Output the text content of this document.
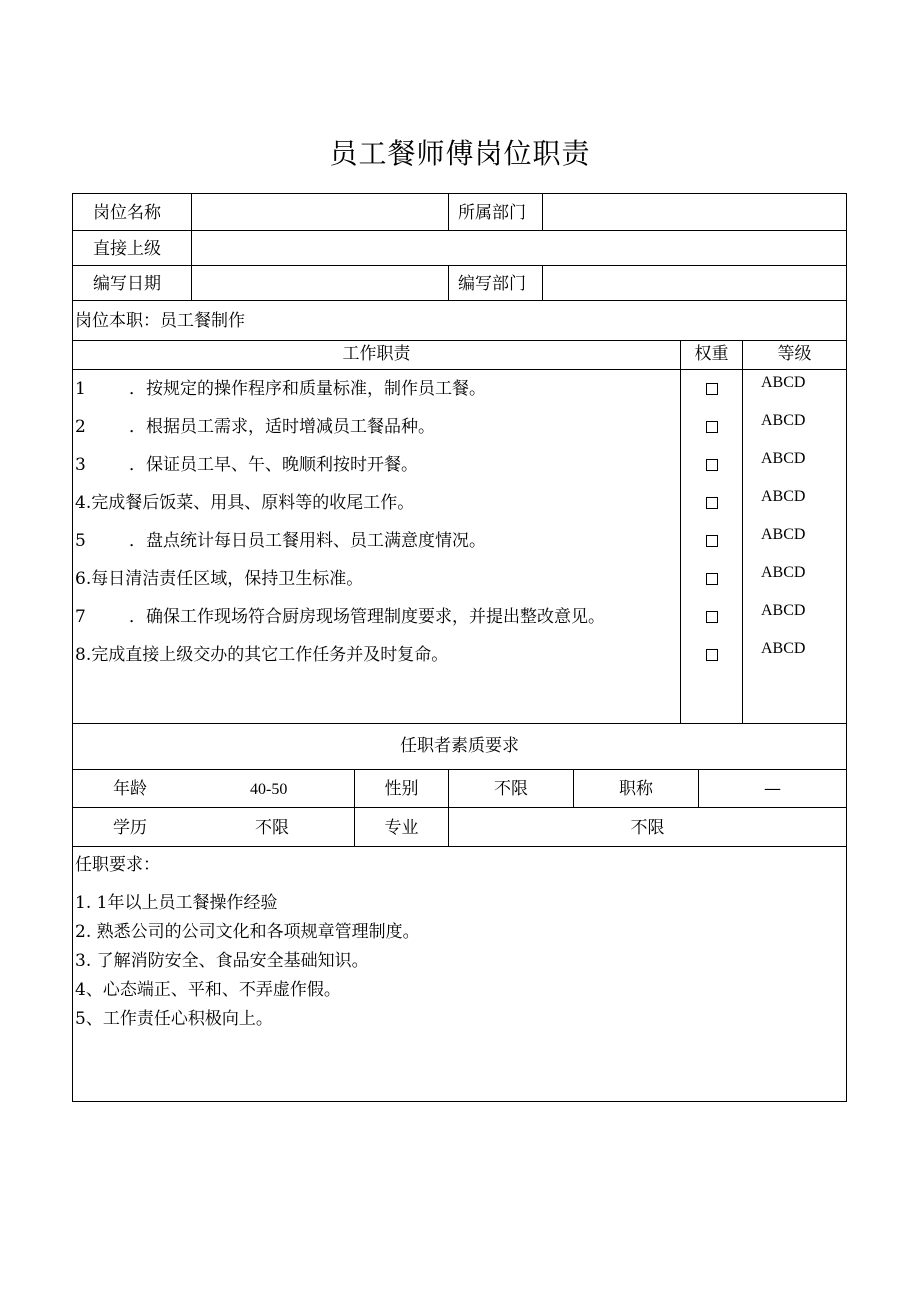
员工餐师傅岗位职责
岗位名称	所属部门
直接上级
编写日期	编写部门
岗位本职：员工餐制作
工作职责	权重	等级
1	．按规定的操作程序和质量标准，制作员工餐。	ABCD
2	．根据员工需求，适时增减员工餐品种。	ABCD
3	．保证员工早、午、晚顺利按时开餐。	ABCD
4.完成餐后饭菜、用具、原料等的收尾工作。	ABCD
5	．盘点统计每日员工餐用料、员工满意度情况。	ABCD
6.每日清洁责任区域，保持卫生标准。	ABCD
7	．确保工作现场符合厨房现场管理制度要求，并提出整改意见。	ABCD
8.完成直接上级交办的其它工作任务并及时复命。	ABCD
任职者素质要求
年龄	40-50	性别	不限	职称	—
学历	不限	专业	不限
任职要求：
1. 1年以上员工餐操作经验
2. 熟悉公司的公司文化和各项规章管理制度。
3. 了解消防安全、食品安全基础知识。
4、心态端正、平和、不弄虚作假。
5、工作责任心积极向上。
